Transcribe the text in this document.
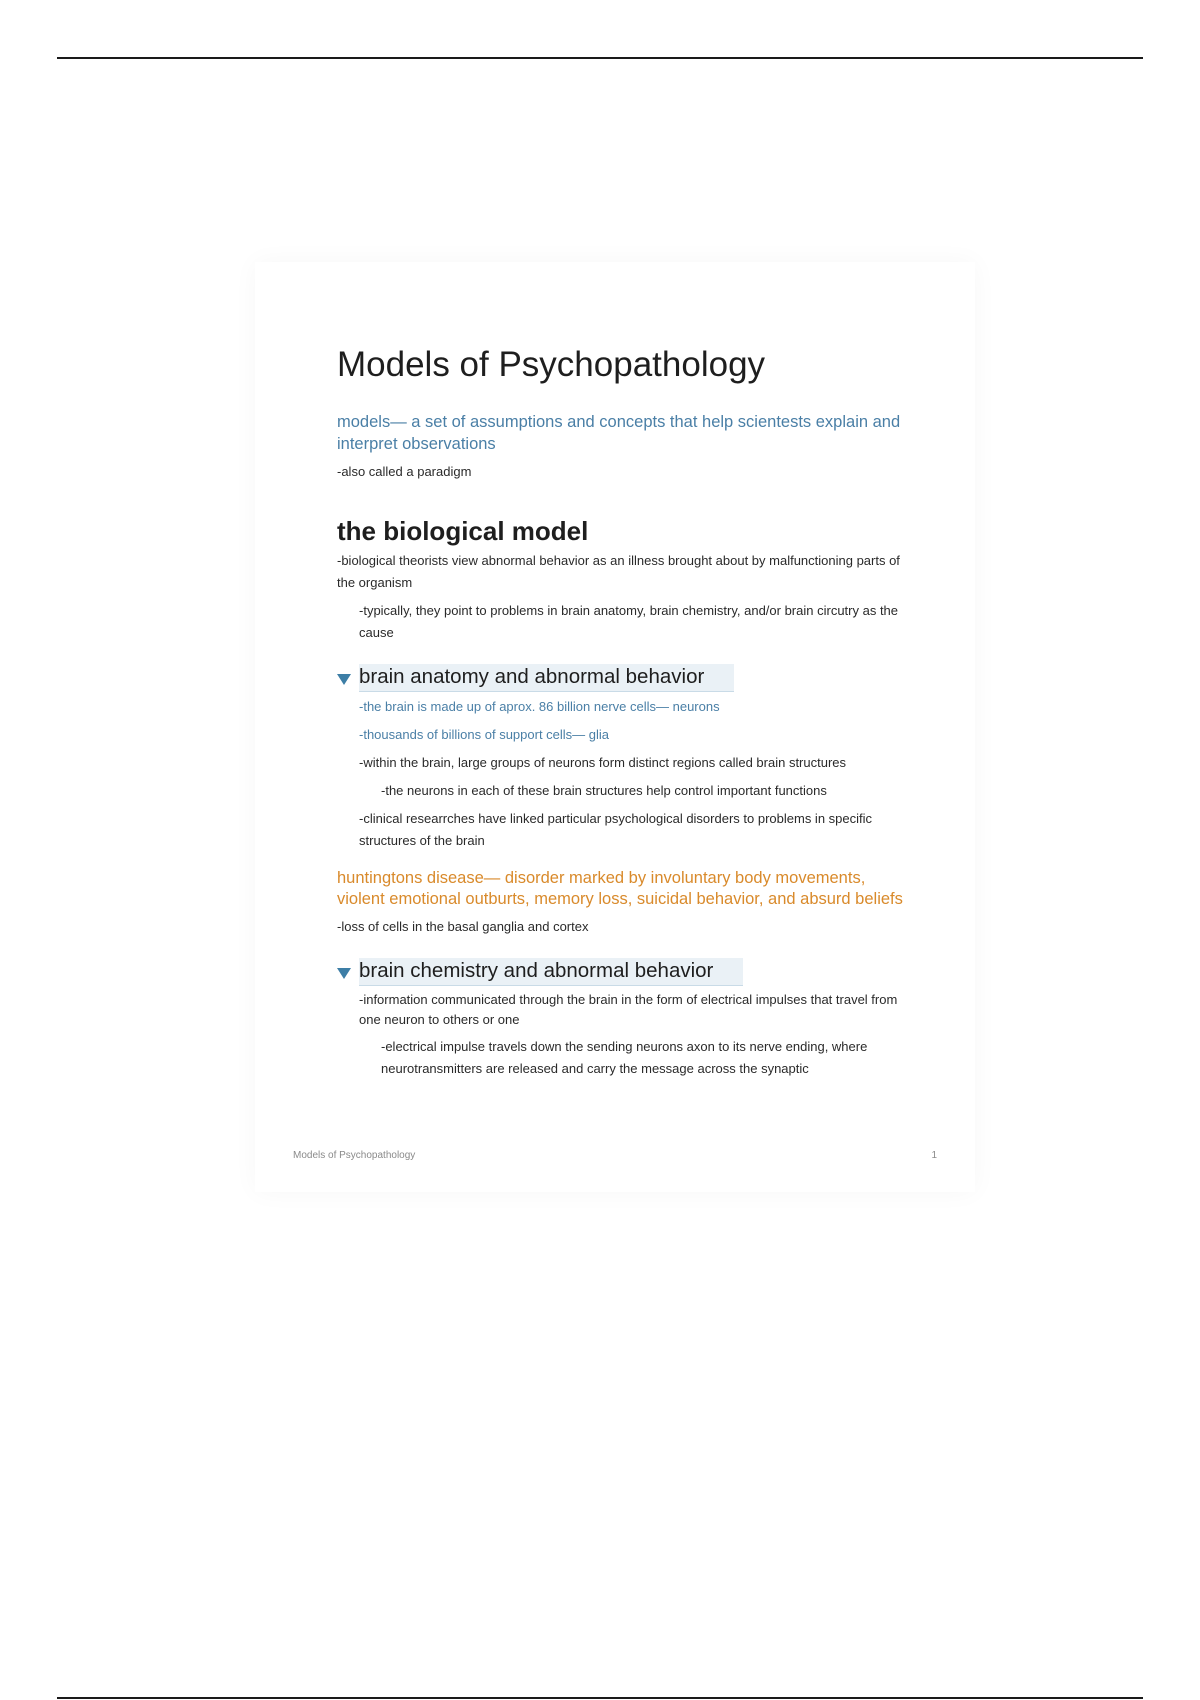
Models of Psychopathology

models— a set of assumptions and concepts that help scientests explain and interpret observations

-also called a paradigm

the biological model

-biological theorists view abnormal behavior as an illness brought about by malfunctioning parts of the organism

-typically, they point to problems in brain anatomy, brain chemistry, and/or brain circutry as the cause

brain anatomy and abnormal behavior

-the brain is made up of aprox. 86 billion nerve cells— neurons

-thousands of billions of support cells— glia

-within the brain, large groups of neurons form distinct regions called brain structures

-the neurons in each of these brain structures help control important functions

-clinical researrches have linked particular psychological disorders to problems in specific structures of the brain

huntingtons disease— disorder marked by involuntary body movements, violent emotional outburts, memory loss, suicidal behavior, and absurd beliefs

-loss of cells in the basal ganglia and cortex

brain chemistry and abnormal behavior

-information communicated through the brain in the form of electrical impulses that travel from one neuron to others or one

-electrical impulse travels down the sending neurons axon to its nerve ending, where neurotransmitters are released and carry the message across the synaptic

Models of Psychopathology	1
